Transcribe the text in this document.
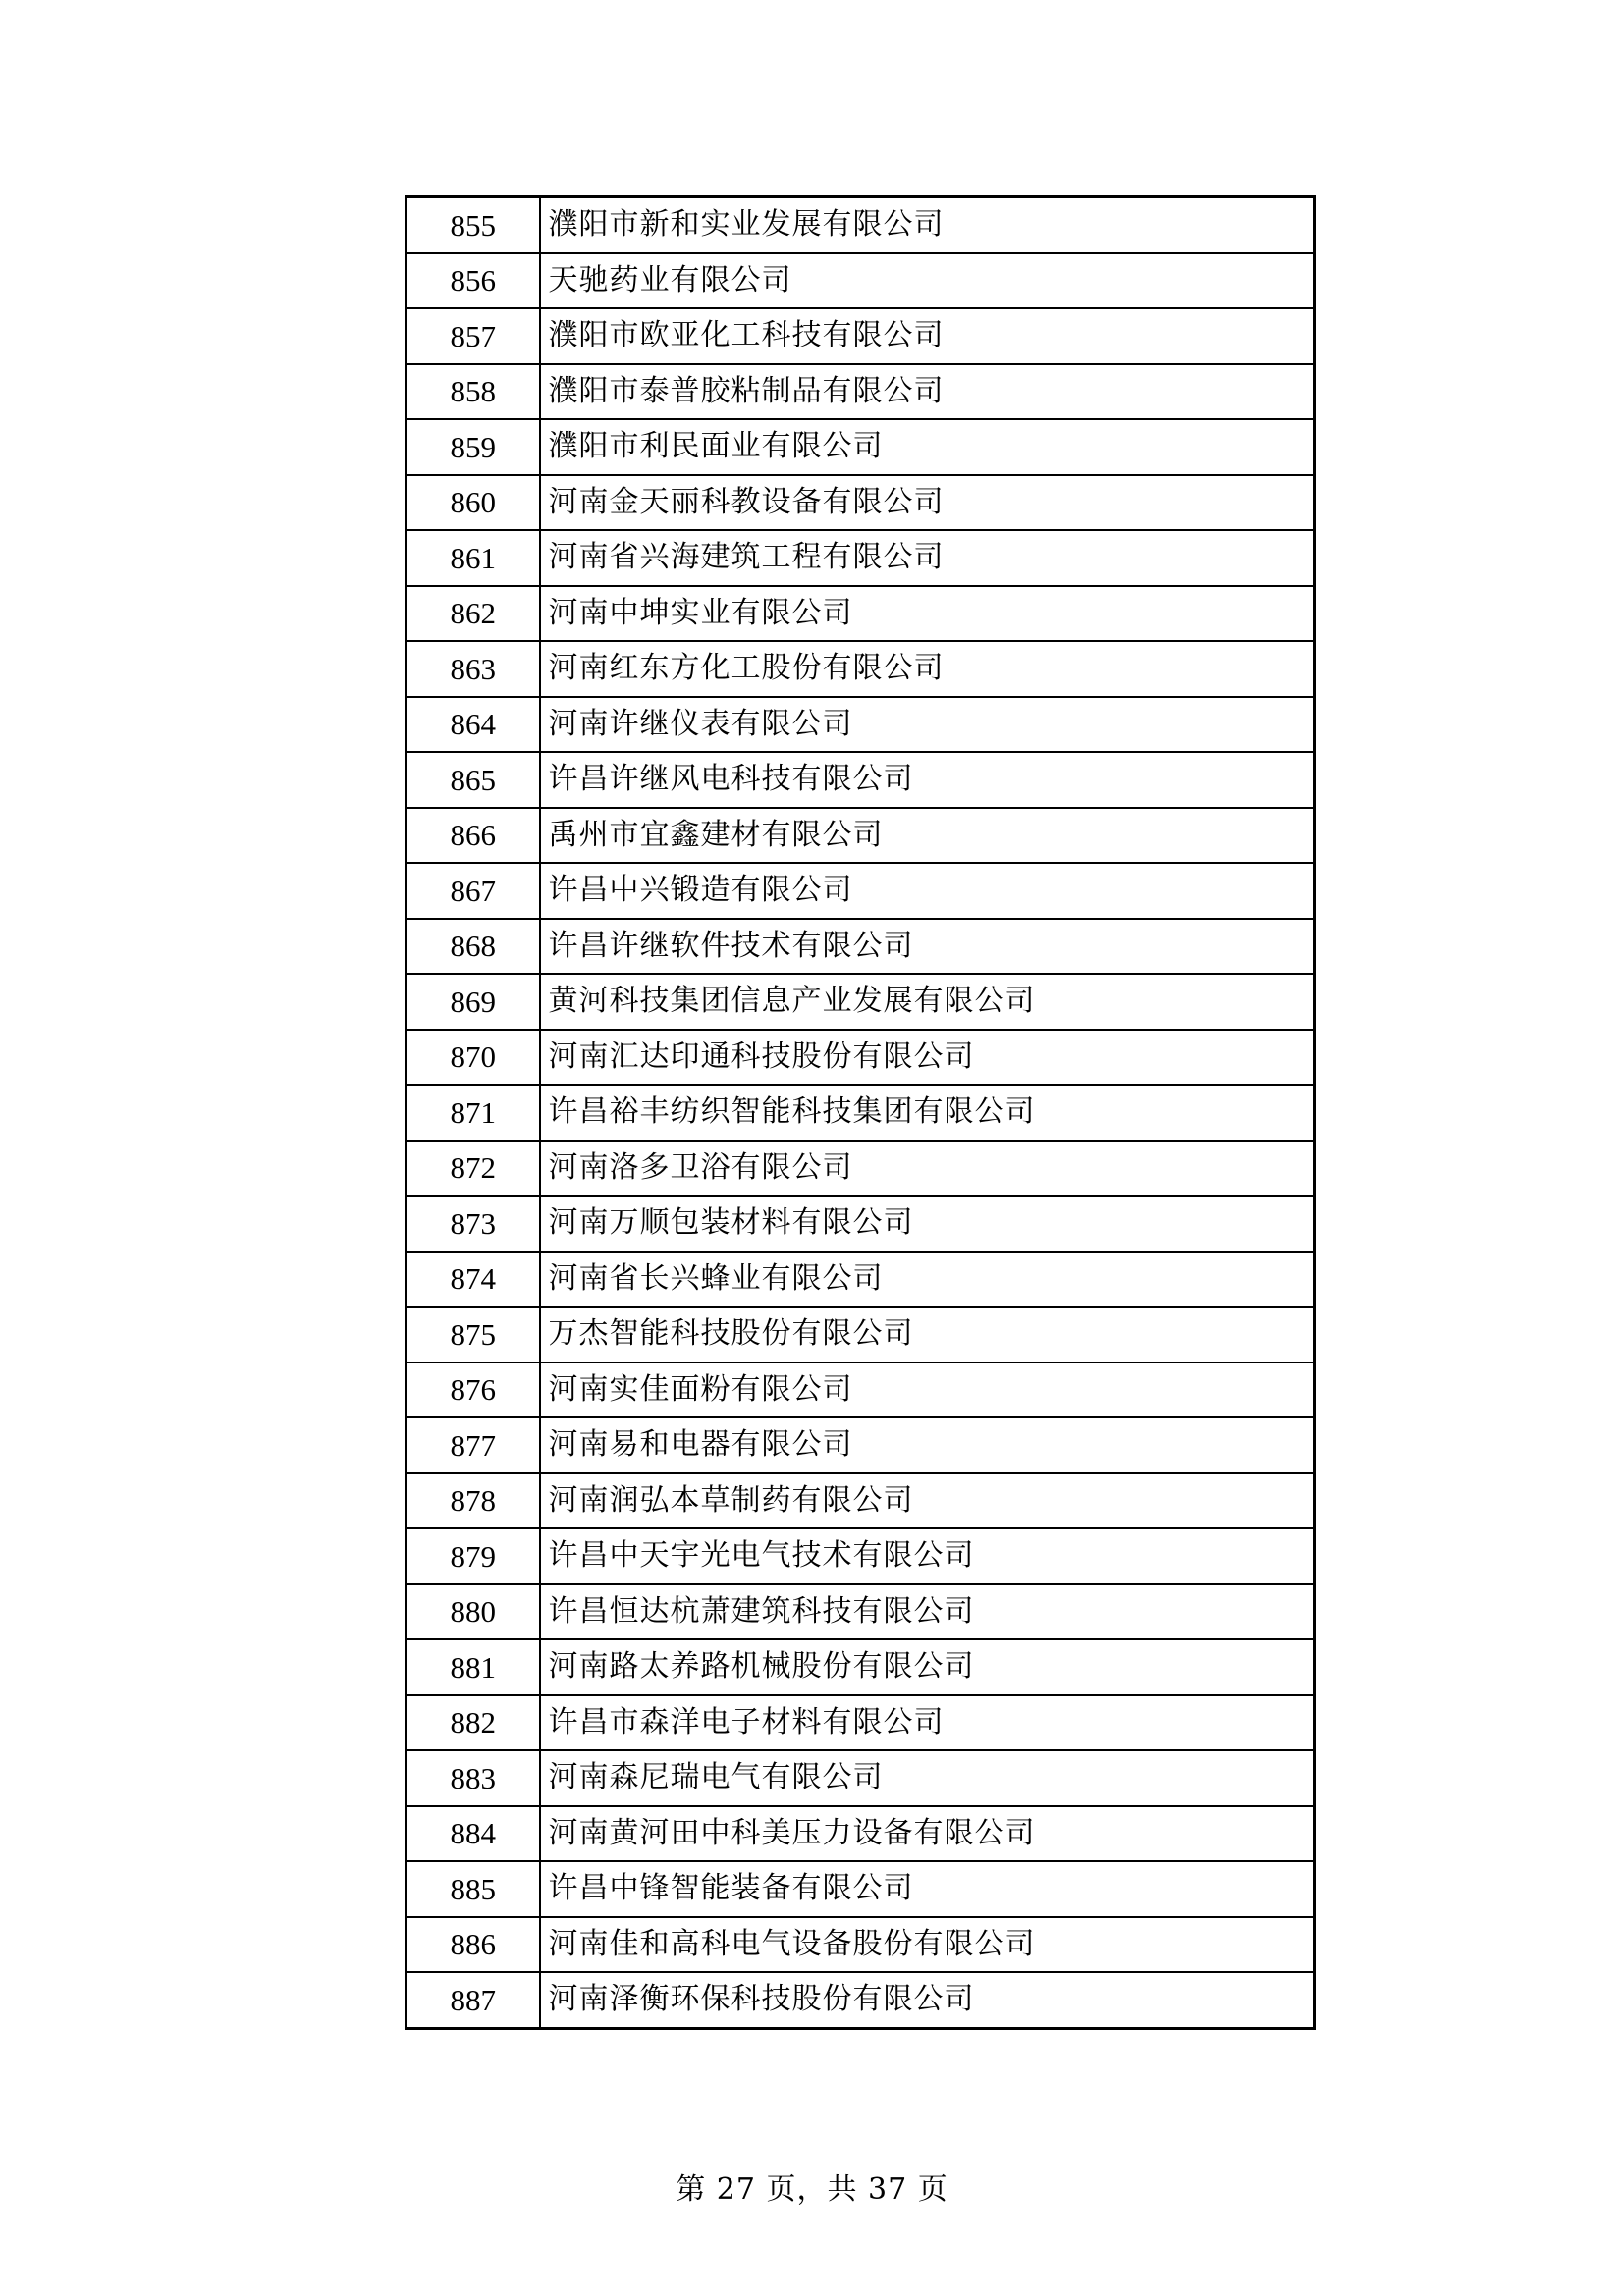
855	濮阳市新和实业发展有限公司
856	天驰药业有限公司
857	濮阳市欧亚化工科技有限公司
858	濮阳市泰普胶粘制品有限公司
859	濮阳市利民面业有限公司
860	河南金天丽科教设备有限公司
861	河南省兴海建筑工程有限公司
862	河南中坤实业有限公司
863	河南红东方化工股份有限公司
864	河南许继仪表有限公司
865	许昌许继风电科技有限公司
866	禹州市宜鑫建材有限公司
867	许昌中兴锻造有限公司
868	许昌许继软件技术有限公司
869	黄河科技集团信息产业发展有限公司
870	河南汇达印通科技股份有限公司
871	许昌裕丰纺织智能科技集团有限公司
872	河南洛多卫浴有限公司
873	河南万顺包装材料有限公司
874	河南省长兴蜂业有限公司
875	万杰智能科技股份有限公司
876	河南实佳面粉有限公司
877	河南易和电器有限公司
878	河南润弘本草制药有限公司
879	许昌中天宇光电气技术有限公司
880	许昌恒达杭萧建筑科技有限公司
881	河南路太养路机械股份有限公司
882	许昌市森洋电子材料有限公司
883	河南森尼瑞电气有限公司
884	河南黄河田中科美压力设备有限公司
885	许昌中锋智能装备有限公司
886	河南佳和高科电气设备股份有限公司
887	河南泽衡环保科技股份有限公司
第 27 页，共 37 页
